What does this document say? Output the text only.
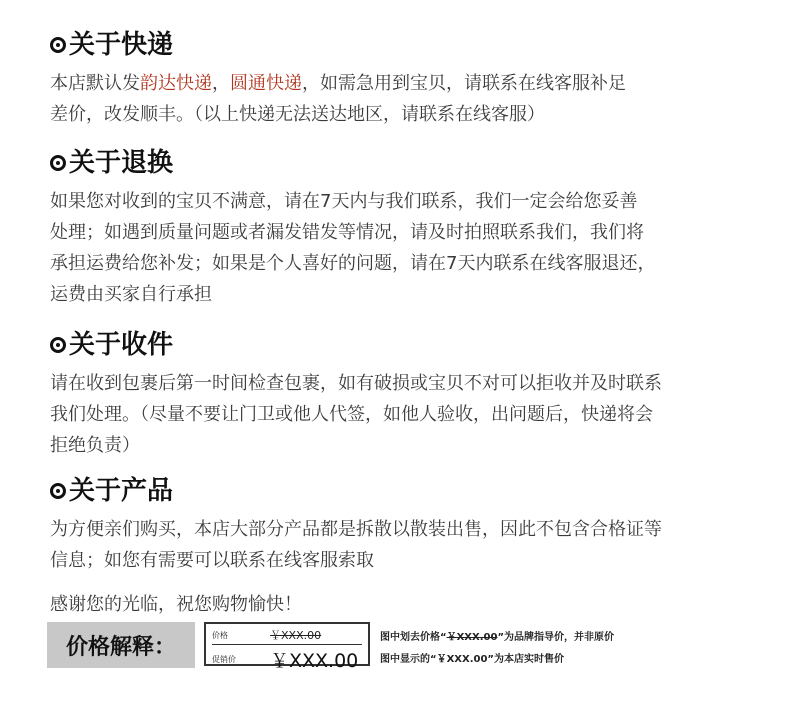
关于快递

本店默认发韵达快递，圆通快递，如需急用到宝贝，请联系在线客服补足
差价，改发顺丰。（以上快递无法送达地区，请联系在线客服）

关于退换

如果您对收到的宝贝不满意，请在7天内与我们联系，我们一定会给您妥善
处理；如遇到质量问题或者漏发错发等情况，请及时拍照联系我们，我们将
承担运费给您补发；如果是个人喜好的问题，请在7天内联系在线客服退还，
运费由买家自行承担

关于收件

请在收到包裹后第一时间检查包裹，如有破损或宝贝不对可以拒收并及时联系
我们处理。（尽量不要让门卫或他人代签，如他人验收，出问题后，快递将会
拒绝负责）

关于产品

为方便亲们购买，本店大部分产品都是拆散以散装出售，因此不包含合格证等
信息；如您有需要可以联系在线客服索取

感谢您的光临，祝您购物愉快！

价格解释：	价格	￥XXX.00
促销价	￥XXX.00
图中划去价格“￥XXX.00”为品牌指导价，并非原价
图中显示的“￥XXX.00”为本店实时售价
